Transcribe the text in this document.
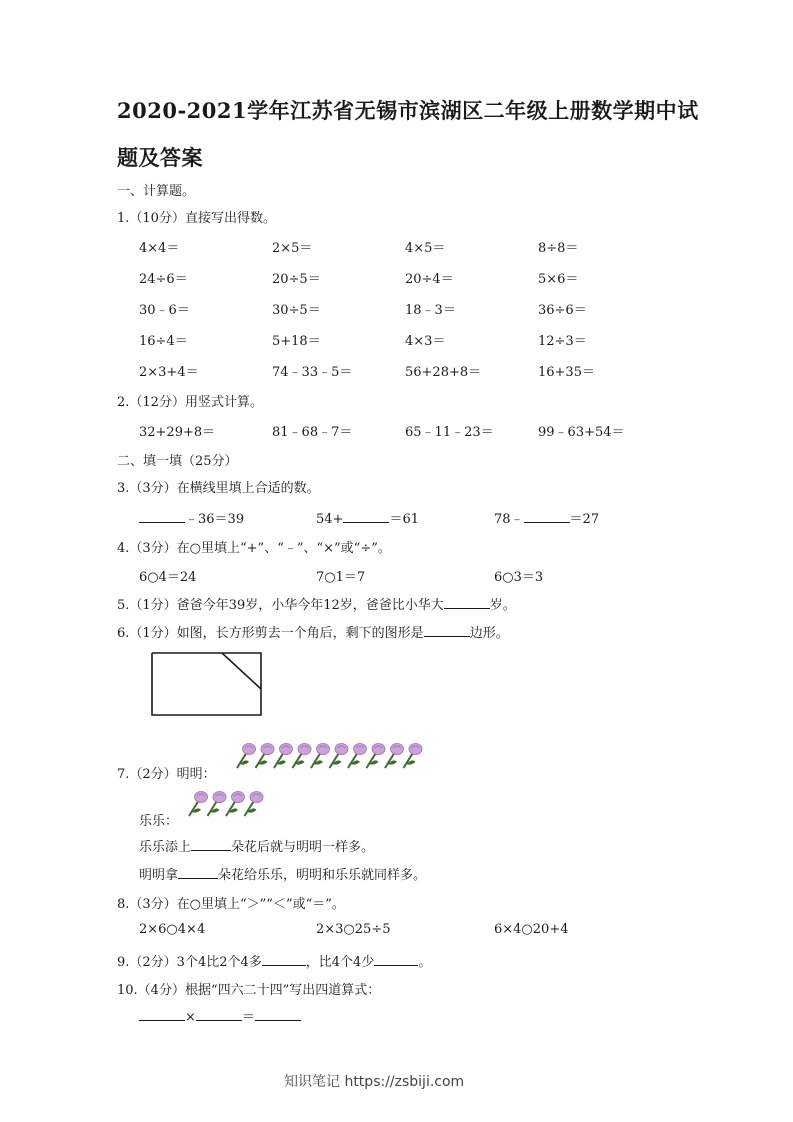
2020-2021学年江苏省无锡市滨湖区二年级上册数学期中试
题及答案
一、计算题。
1.（10分）直接写出得数。
4×4＝	2×5＝	4×5＝	8÷8＝
24÷6＝	20÷5＝	20÷4＝	5×6＝
30﹣6＝	30÷5＝	18﹣3＝	36÷6＝
16÷4＝	5+18＝	4×3＝	12÷3＝
2×3+4＝	74﹣33﹣5＝	56+28+8＝	16+35＝
2.（12分）用竖式计算。
32+29+8＝	81﹣68﹣7＝	65﹣11﹣23＝	99﹣63+54＝
二、填一填（25分）
3.（3分）在横线里填上合适的数。
﹣36＝39	54+	＝61	78﹣	＝27
4.（3分）在○里填上“+”、“﹣”、“×”或“÷”。
6○4＝24	7○1＝7	6○3＝3
5.（1分）爸爸今年39岁，小华今年12岁，爸爸比小华大	岁。
6.（1分）如图，长方形剪去一个角后，剩下的图形是	边形。
7.（2分）明明：
乐乐：
乐乐添上	朵花后就与明明一样多。
明明拿	朵花给乐乐，明明和乐乐就同样多。
8.（3分）在○里填上“＞”“＜”或“＝”。
2×6○4×4	2×3○25÷5	6×4○20+4
9.（2分）3个4比2个4多	，比4个4少	。
10.（4分）根据“四六二十四”写出四道算式：
×	＝
知识笔记 https://zsbiji.com
